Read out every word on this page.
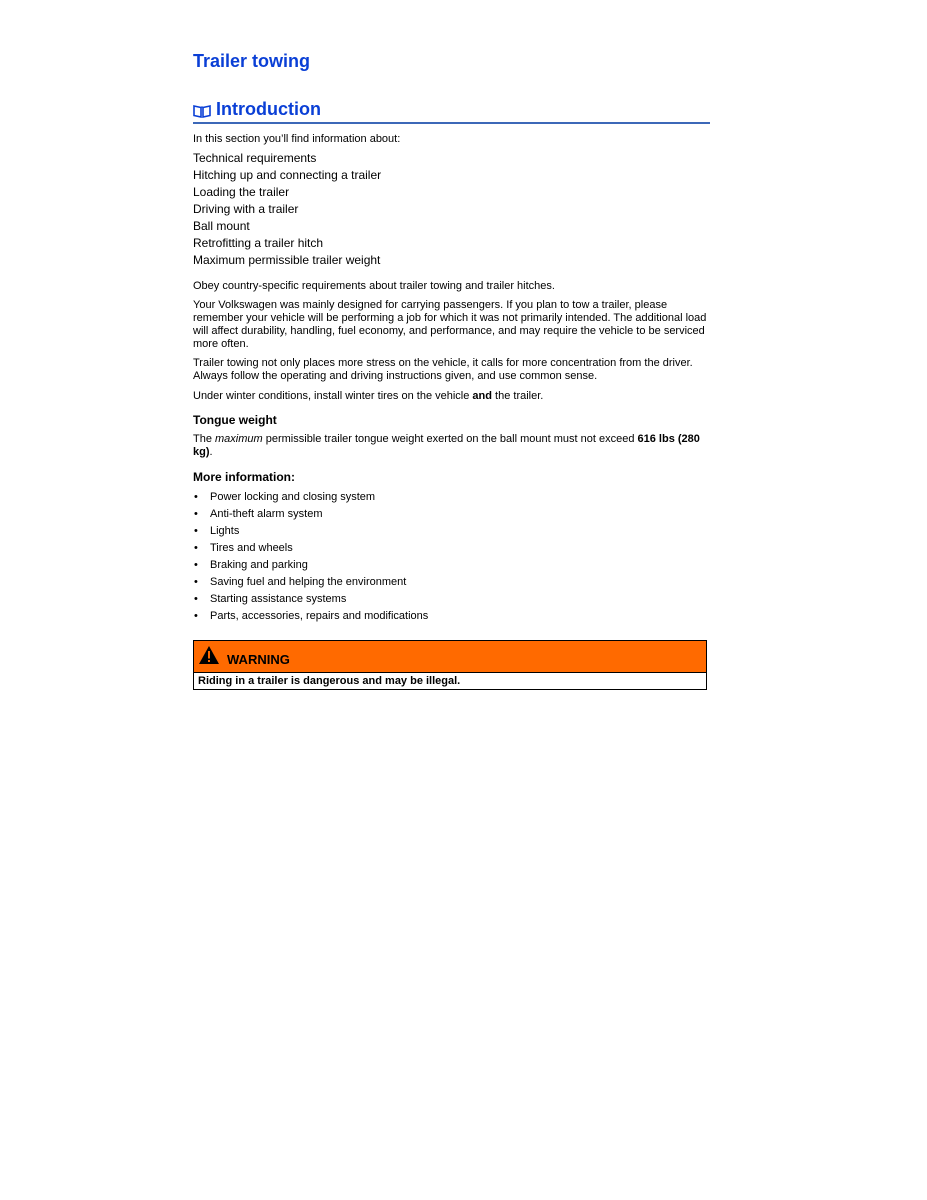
Trailer towing
Introduction
In this section you’ll find information about:
Technical requirements
Hitching up and connecting a trailer
Loading the trailer
Driving with a trailer
Ball mount
Retrofitting a trailer hitch
Maximum permissible trailer weight

Obey country-specific requirements about trailer towing and trailer hitches.

Your Volkswagen was mainly designed for carrying passengers. If you plan to tow a trailer, please remember your vehicle will be performing a job for which it was not primarily intended. The additional load will affect durability, handling, fuel economy, and performance, and may require the vehicle to be serviced more often.

Trailer towing not only places more stress on the vehicle, it calls for more concentration from the driver. Always follow the operating and driving instructions given, and use common sense.

Under winter conditions, install winter tires on the vehicle and the trailer.

Tongue weight

The maximum permissible trailer tongue weight exerted on the ball mount must not exceed 616 lbs (280 kg).

More information:
• Power locking and closing system
• Anti-theft alarm system
• Lights
• Tires and wheels
• Braking and parking
• Saving fuel and helping the environment
• Starting assistance systems
• Parts, accessories, repairs and modifications
WARNING
Riding in a trailer is dangerous and may be illegal.
